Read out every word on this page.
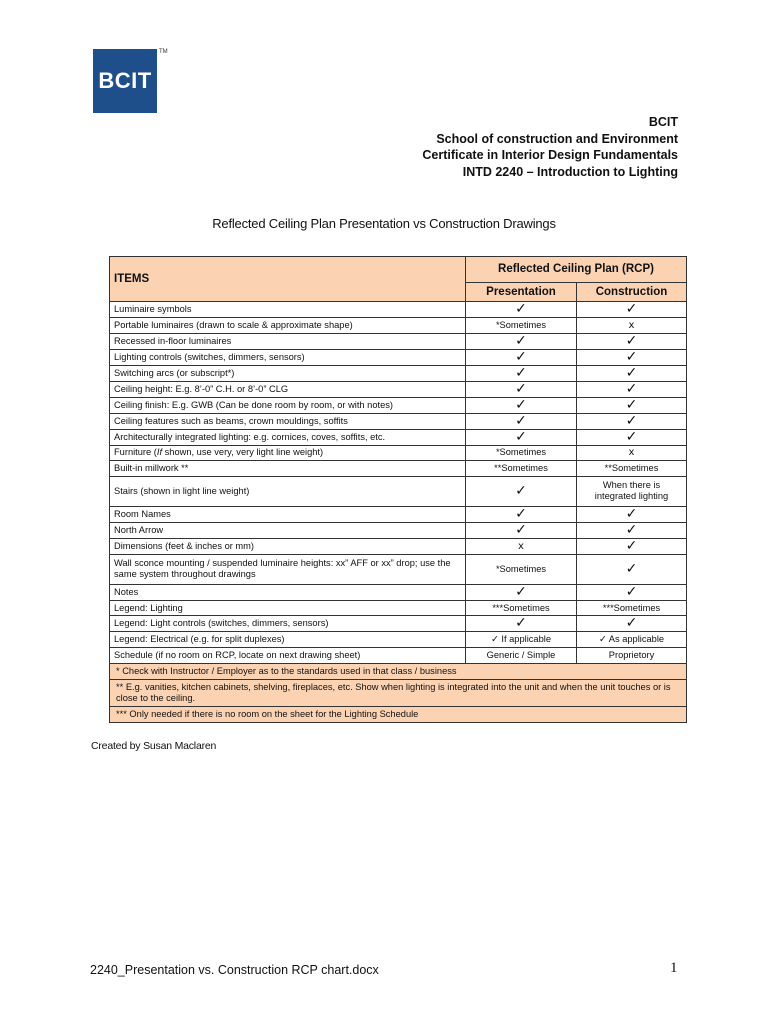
BCIT
TM
BCIT
School of construction and Environment
Certificate in Interior Design Fundamentals
INTD 2240 – Introduction to Lighting
Reflected Ceiling Plan Presentation vs Construction Drawings
ITEMS	Reflected Ceiling Plan (RCP)	
	Presentation	Construction
Luminaire symbols	✓	✓
Portable luminaires (drawn to scale & approximate shape)	*Sometimes	x
Recessed in-floor luminaires	✓	✓
Lighting controls (switches, dimmers, sensors)	✓	✓
Switching arcs (or subscript*)	✓	✓
Ceiling height: E.g. 8’-0” C.H. or 8’-0” CLG	✓	✓
Ceiling finish: E.g. GWB (Can be done room by room, or with notes)	✓	✓
Ceiling features such as beams, crown mouldings, soffits	✓	✓
Architecturally integrated lighting: e.g. cornices, coves, soffits, etc.	✓	✓
Furniture (If shown, use very, very light line weight)	*Sometimes	x
Built-in millwork **	**Sometimes	**Sometimes
Stairs (shown in light line weight)	✓	When there is integrated lighting
Room Names	✓	✓
North Arrow	✓	✓
Dimensions (feet & inches or mm)	x	✓
Wall sconce mounting / suspended luminaire heights: xx” AFF or xx” drop; use the same system throughout drawings	*Sometimes	✓
Notes	✓	✓
Legend: Lighting	***Sometimes	***Sometimes
Legend: Light controls (switches, dimmers, sensors)	✓	✓
Legend: Electrical (e.g. for split duplexes)	✓ If applicable	✓ As applicable
Schedule (if no room on RCP, locate on next drawing sheet)	Generic / Simple	Proprietory
* Check with Instructor / Employer as to the standards used in that class / business		
** E.g. vanities, kitchen cabinets, shelving, fireplaces, etc. Show when lighting is integrated into the unit and when the unit touches or is close to the ceiling.		
*** Only needed if there is no room on the sheet for the Lighting Schedule		
Created by Susan Maclaren
2240_Presentation vs. Construction RCP chart.docx	1
